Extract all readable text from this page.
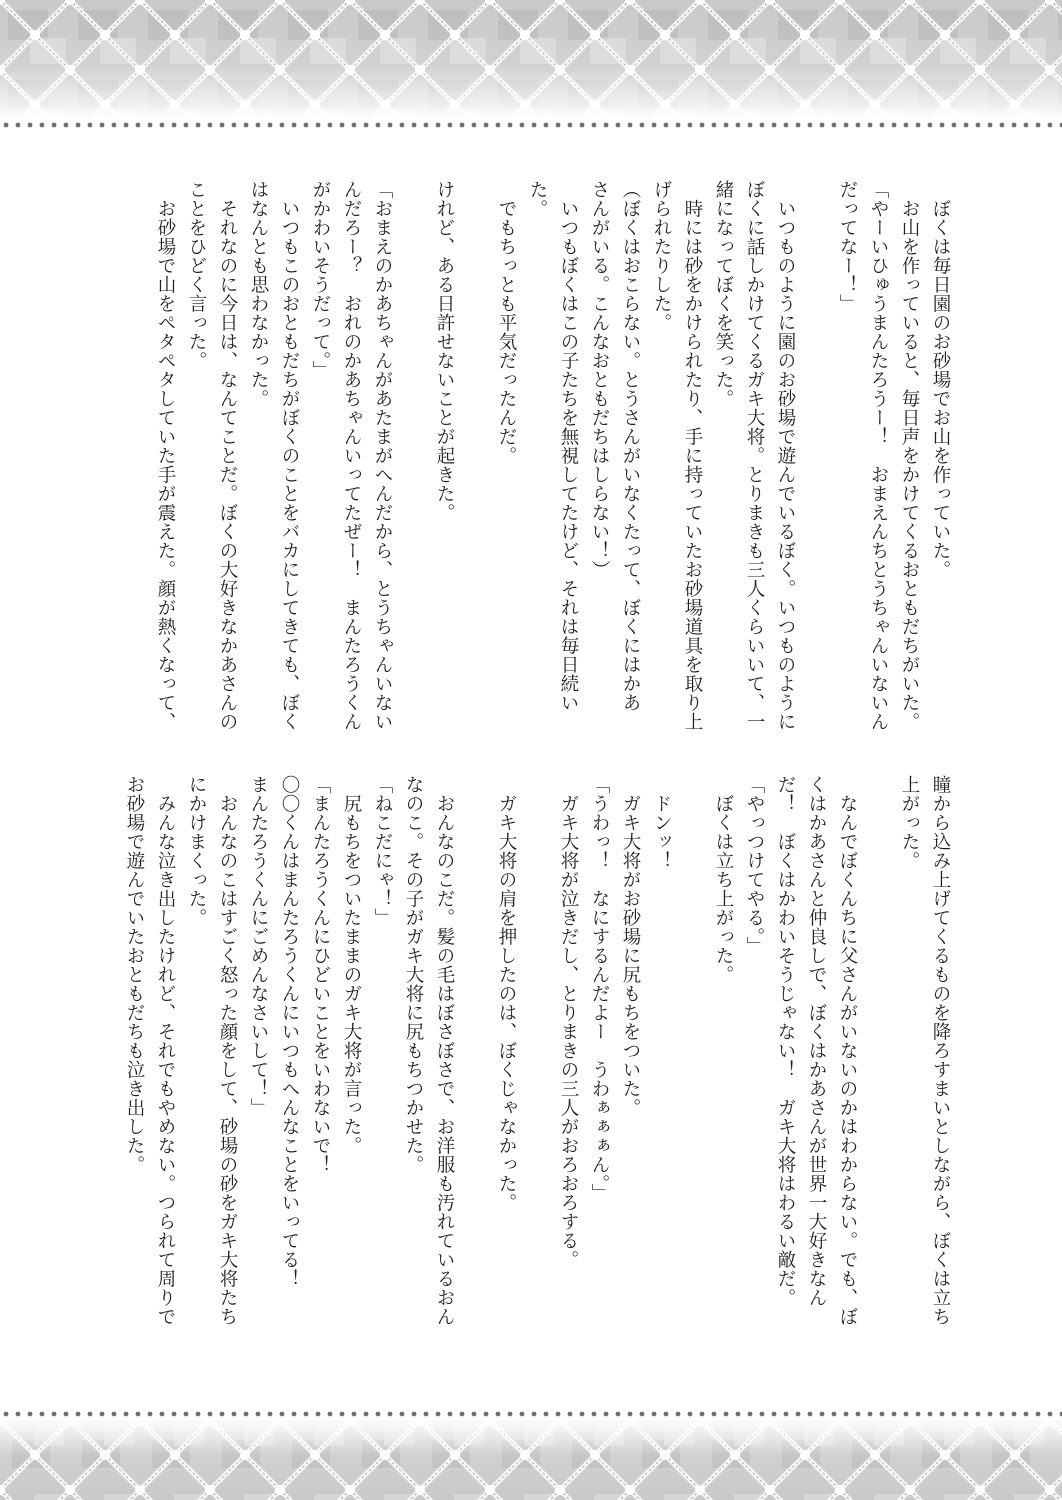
　ぼくは毎日園のお砂場でお山を作っていた。
　お山を作っていると、毎日声をかけてくるおともだちがいた。
「やーいひゅうまんたろうー！　おまえんちとうちゃんいないん
だってなー！」

　いつものように園のお砂場で遊んでいるぼく。いつものように
ぼくに話しかけてくるガキ大将。とりまきも三人くらいいて、一
緒になってぼくを笑った。
　時には砂をかけられたり、手に持っていたお砂場道具を取り上
げられたりした。
（ぼくはおこらない。とうさんがいなくたって、ぼくにはかあ
さんがいる。こんなおともだちはしらない！）
　いつもぼくはこの子たちを無視してたけど、それは毎日続い
た。
　でもちっとも平気だったんだ。

けれど、ある日許せないことが起きた。

「おまえのかあちゃんがあたまがへんだから、とうちゃんいない
んだろー？　おれのかあちゃんいってたぜー！　まんたろうくん
がかわいそうだって。」
　いつもこのおともだちがぼくのことをバカにしてきても、ぼく
はなんとも思わなかった。
　それなのに今日は、なんてことだ。ぼくの大好きなかあさんの
ことをひどく言った。
　お砂場で山をペタペタしていた手が震えた。顔が熱くなって、
瞳から込み上げてくるものを降ろすまいとしながら、ぼくは立ち
上がった。

　なんでぼくんちに父さんがいないのかはわからない。でも、ぼ
くはかあさんと仲良しで、ぼくはかあさんが世界一大好きなん
だ！　ぼくはかわいそうじゃない！　ガキ大将はわるい敵だ。
「やっつけてやる。」
　ぼくは立ち上がった。

　ドンッ！
　ガキ大将がお砂場に尻もちをついた。
「うわっ！　なにするんだよー　うわぁぁぁん。」
　ガキ大将が泣きだし、とりまきの三人がおろおろする。

　ガキ大将の肩を押したのは、ぼくじゃなかった。

　おんなのこだ。髪の毛はぼさぼさで、お洋服も汚れているおん
なのこ。その子がガキ大将に尻もちつかせた。
「ねこだにゃ！」
　尻もちをついたままのガキ大将が言った。
「まんたろうくんにひどいことをいわないで！
〇〇くんはまんたろうくんにいつもへんなことをいってる！
まんたろうくんにごめんなさいして！」
　おんなのこはすごく怒った顔をして、砂場の砂をガキ大将たち
にかけまくった。
　みんな泣き出したけれど、それでもやめない。つられて周りで
お砂場で遊んでいたおともだちも泣き出した。
